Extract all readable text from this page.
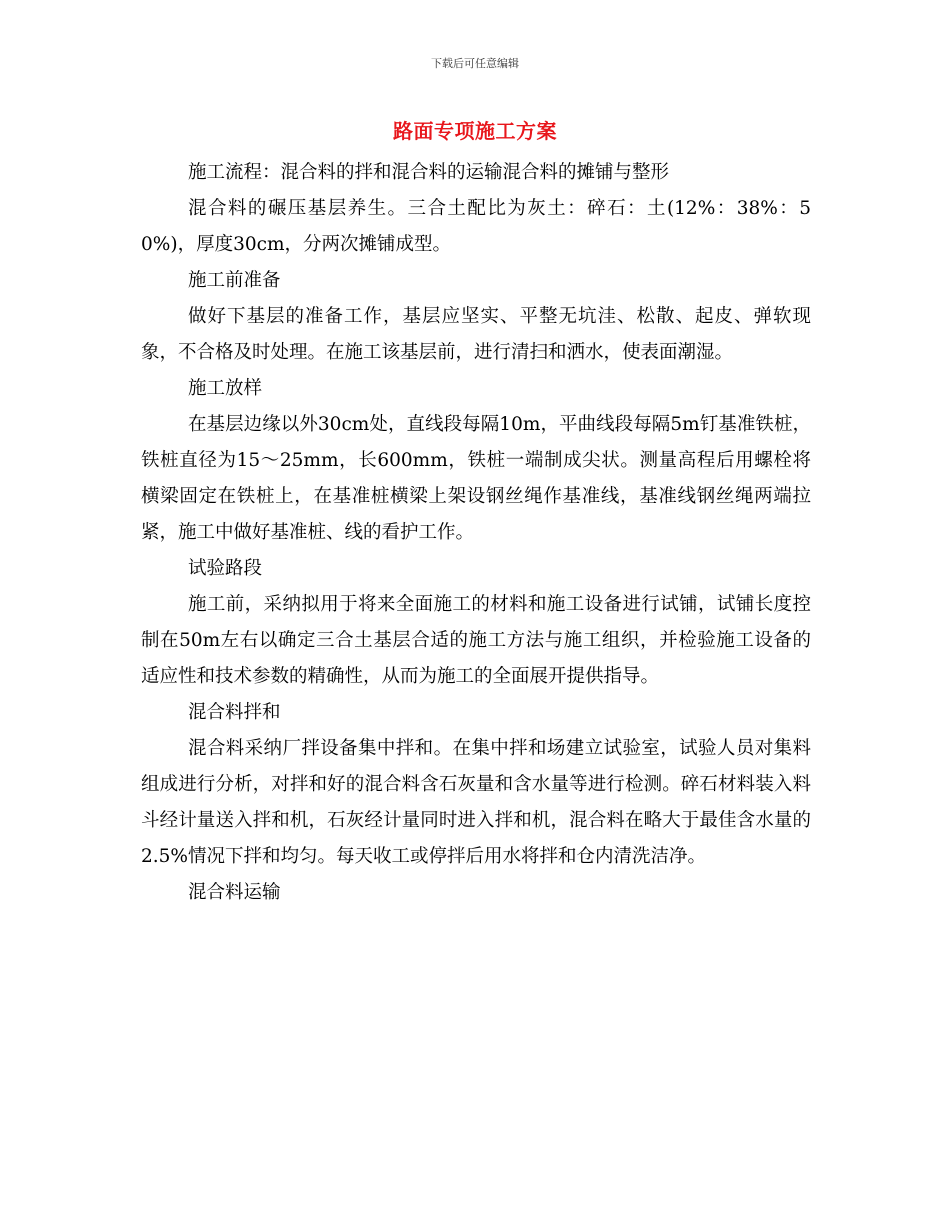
下载后可任意编辑
路面专项施工方案

施工流程：混合料的拌和混合料的运输混合料的摊铺与整形

混合料的碾压基层养生。三合土配比为灰土：碎石：土(12%：38%：50%)，厚度30cm，分两次摊铺成型。

施工前准备

做好下基层的准备工作，基层应坚实、平整无坑洼、松散、起皮、弹软现象，不合格及时处理。在施工该基层前，进行清扫和洒水，使表面潮湿。

施工放样

在基层边缘以外30cm处，直线段每隔10m，平曲线段每隔5m钉基准铁桩，铁桩直径为15～25mm，长600mm，铁桩一端制成尖状。测量高程后用螺栓将横梁固定在铁桩上，在基准桩横梁上架设钢丝绳作基准线，基准线钢丝绳两端拉紧，施工中做好基准桩、线的看护工作。

试验路段

施工前，采纳拟用于将来全面施工的材料和施工设备进行试铺，试铺长度控制在50m左右以确定三合土基层合适的施工方法与施工组织，并检验施工设备的适应性和技术参数的精确性，从而为施工的全面展开提供指导。

混合料拌和

混合料采纳厂拌设备集中拌和。在集中拌和场建立试验室，试验人员对集料组成进行分析，对拌和好的混合料含石灰量和含水量等进行检测。碎石材料装入料斗经计量送入拌和机，石灰经计量同时进入拌和机，混合料在略大于最佳含水量的2.5%情况下拌和均匀。每天收工或停拌后用水将拌和仓内清洗洁净。

混合料运输
